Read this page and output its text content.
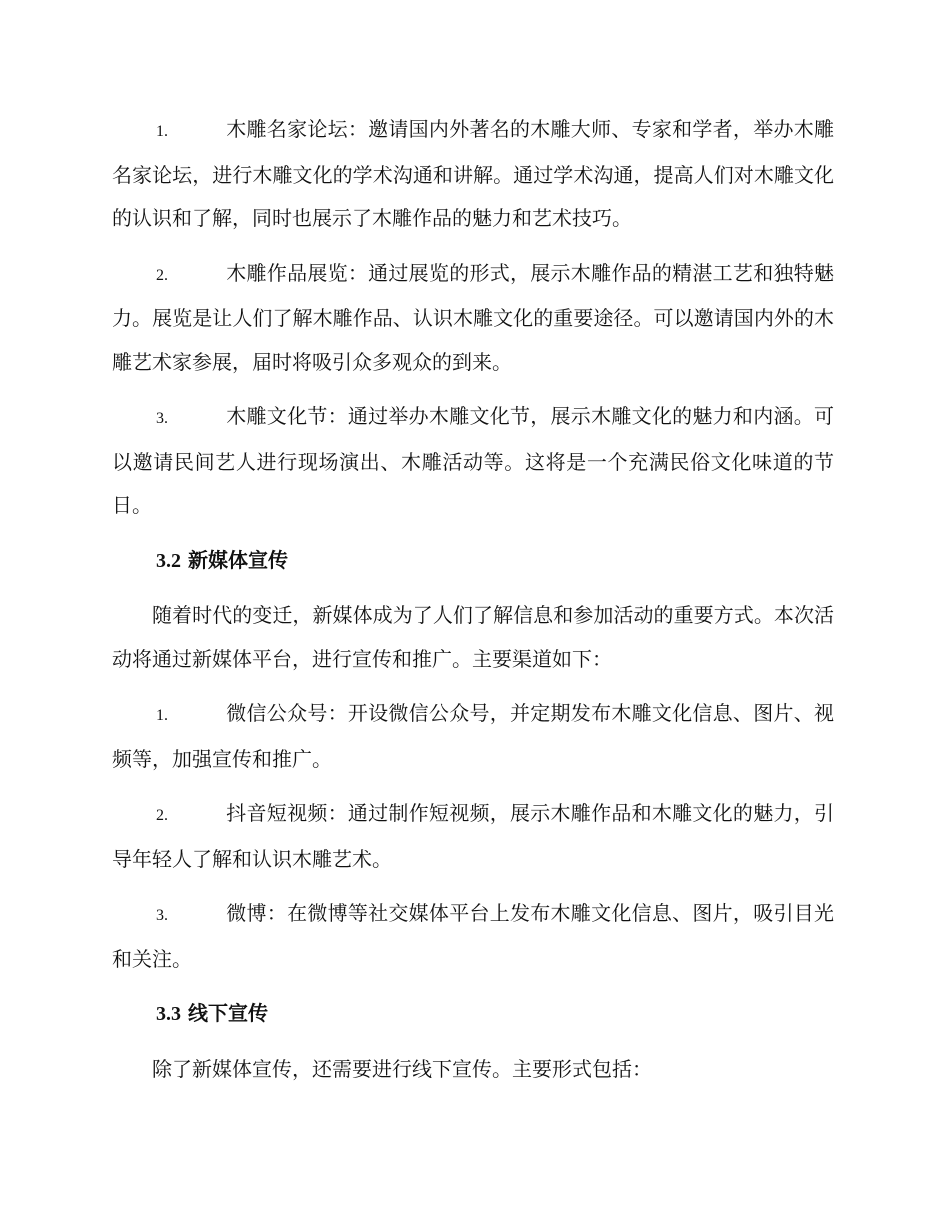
1.	木雕名家论坛：邀请国内外著名的木雕大师、专家和学者，举办木雕名家论坛，进行木雕文化的学术沟通和讲解。通过学术沟通，提高人们对木雕文化的认识和了解，同时也展示了木雕作品的魅力和艺术技巧。

2.	木雕作品展览：通过展览的形式，展示木雕作品的精湛工艺和独特魅力。展览是让人们了解木雕作品、认识木雕文化的重要途径。可以邀请国内外的木雕艺术家参展，届时将吸引众多观众的到来。

3.	木雕文化节：通过举办木雕文化节，展示木雕文化的魅力和内涵。可以邀请民间艺人进行现场演出、木雕活动等。这将是一个充满民俗文化味道的节日。

3.2 新媒体宣传

随着时代的变迁，新媒体成为了人们了解信息和参加活动的重要方式。本次活动将通过新媒体平台，进行宣传和推广。主要渠道如下：

1.	微信公众号：开设微信公众号，并定期发布木雕文化信息、图片、视频等，加强宣传和推广。

2.	抖音短视频：通过制作短视频，展示木雕作品和木雕文化的魅力，引导年轻人了解和认识木雕艺术。

3.	微博：在微博等社交媒体平台上发布木雕文化信息、图片，吸引目光和关注。

3.3 线下宣传

除了新媒体宣传，还需要进行线下宣传。主要形式包括：
